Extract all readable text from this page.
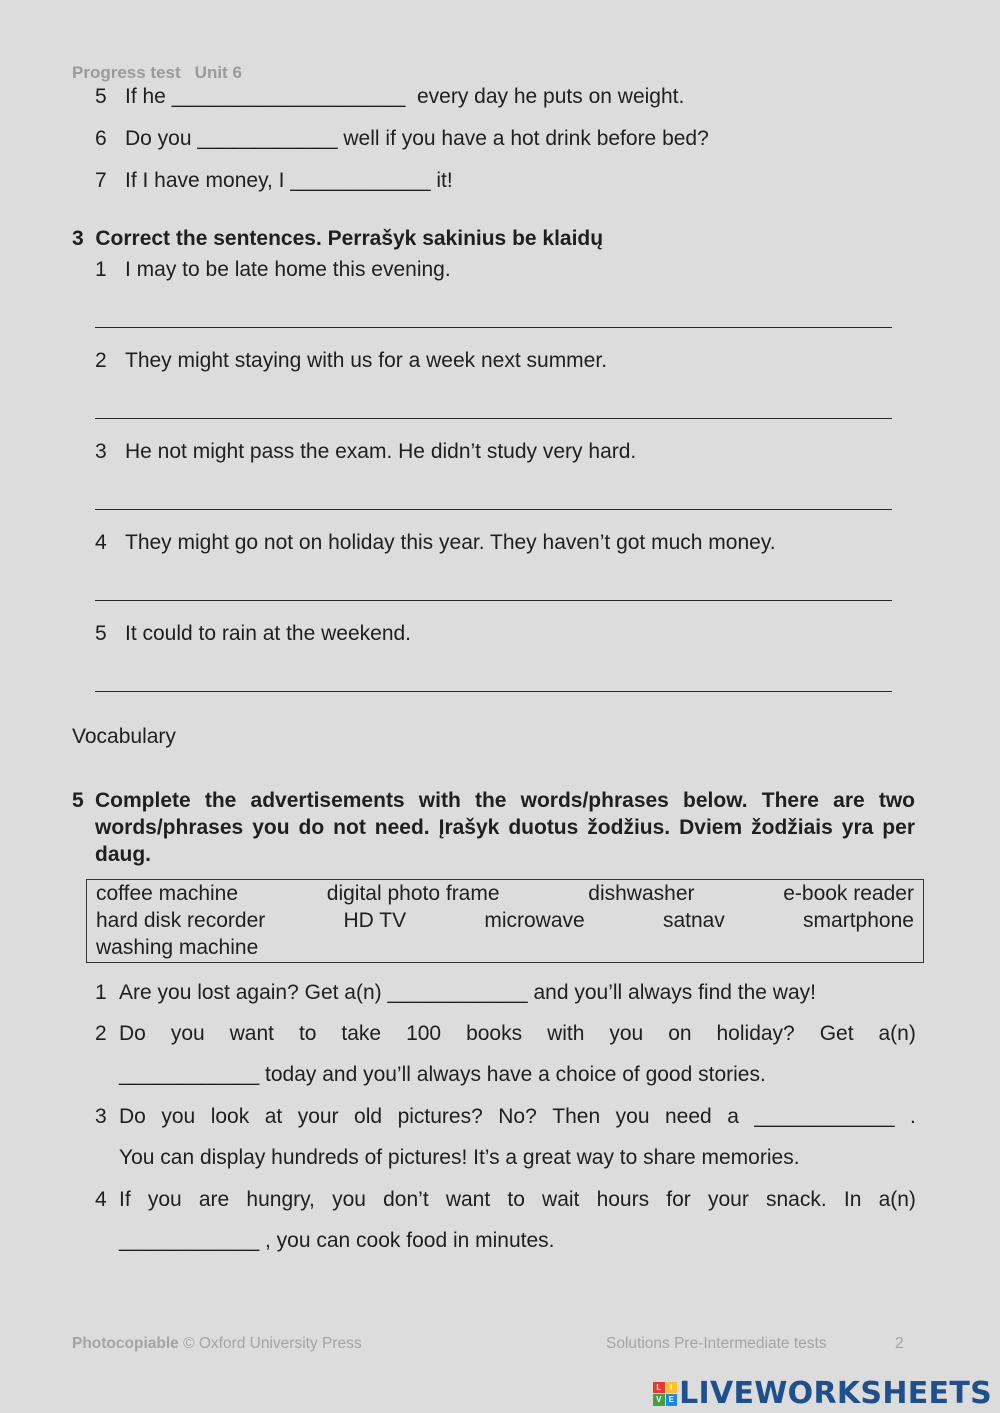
Progress test Unit 6
5 If he ____________________ every day he puts on weight.
6 Do you ____________ well if you have a hot drink before bed?
7 If I have money, I ____________ it!
3 Correct the sentences. Perrašyk sakinius be klaidų
1 I may to be late home this evening.
2 They might staying with us for a week next summer.
3 He not might pass the exam. He didn’t study very hard.
4 They might go not on holiday this year. They haven’t got much money.
5 It could to rain at the weekend.
Vocabulary
5 Complete the advertisements with the words/phrases below. There are two words/phrases you do not need. Įrašyk duotus žodžius. Dviem žodžiais yra per daug.
coffee machine	digital photo frame	dishwasher	e-book reader
hard disk recorder	HD TV	microwave	satnav	smartphone
washing machine
1 Are you lost again? Get a(n) ____________ and you’ll always find the way!
2 Do you want to take 100 books with you on holiday? Get a(n)
____________ today and you’ll always have a choice of good stories.
3 Do you look at your old pictures? No? Then you need a ____________ .
You can display hundreds of pictures! It’s a great way to share memories.
4 If you are hungry, you don’t want to wait hours for your snack. In a(n)
____________ , you can cook food in minutes.
Photocopiable © Oxford University Press	Solutions Pre-Intermediate tests	2
L	I
V E LIVEWORKSHEETS
